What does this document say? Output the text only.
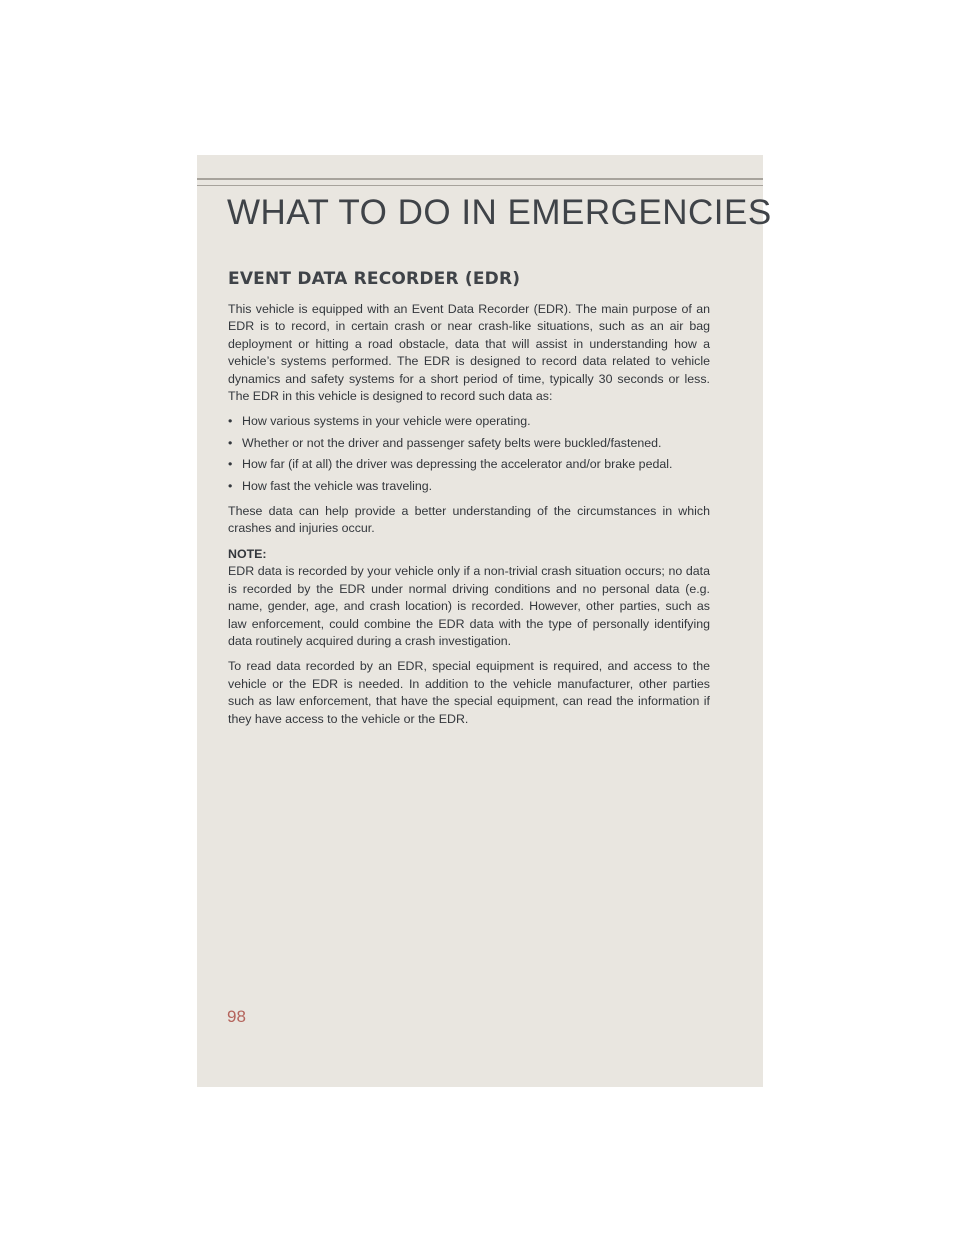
WHAT TO DO IN EMERGENCIES
EVENT DATA RECORDER (EDR)

This vehicle is equipped with an Event Data Recorder (EDR). The main purpose of an EDR is to record, in certain crash or near crash-like situations, such as an air bag deployment or hitting a road obstacle, data that will assist in understanding how a vehicle’s systems performed. The EDR is designed to record data related to vehicle dynamics and safety systems for a short period of time, typically 30 seconds or less. The EDR in this vehicle is designed to record such data as:

• How various systems in your vehicle were operating.
• Whether or not the driver and passenger safety belts were buckled/fastened.
• How far (if at all) the driver was depressing the accelerator and/or brake pedal.
• How fast the vehicle was traveling.

These data can help provide a better understanding of the circumstances in which crashes and injuries occur.

NOTE:
EDR data is recorded by your vehicle only if a non-trivial crash situation occurs; no data is recorded by the EDR under normal driving conditions and no personal data (e.g. name, gender, age, and crash location) is recorded. However, other parties, such as law enforcement, could combine the EDR data with the type of personally identifying data routinely acquired during a crash investigation.

To read data recorded by an EDR, special equipment is required, and access to the vehicle or the EDR is needed. In addition to the vehicle manufacturer, other parties such as law enforcement, that have the special equipment, can read the information if they have access to the vehicle or the EDR.

98
